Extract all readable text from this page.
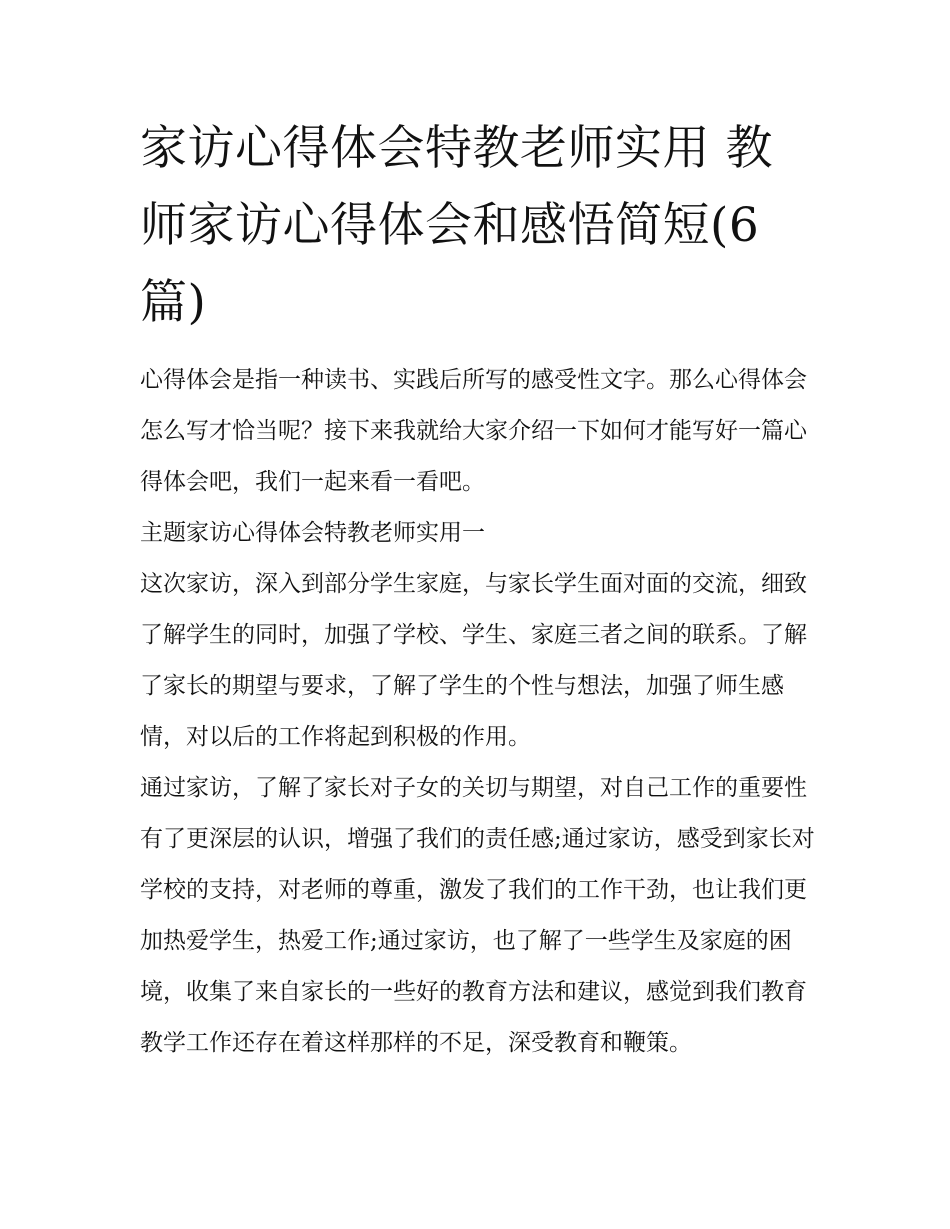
家访心得体会特教老师实用 教师家访心得体会和感悟简短(6篇)

心得体会是指一种读书、实践后所写的感受性文字。那么心得体会怎么写才恰当呢？接下来我就给大家介绍一下如何才能写好一篇心得体会吧，我们一起来看一看吧。

主题家访心得体会特教老师实用一

这次家访，深入到部分学生家庭，与家长学生面对面的交流，细致了解学生的同时，加强了学校、学生、家庭三者之间的联系。了解了家长的期望与要求，了解了学生的个性与想法，加强了师生感情，对以后的工作将起到积极的作用。

通过家访，了解了家长对子女的关切与期望，对自己工作的重要性有了更深层的认识，增强了我们的责任感;通过家访，感受到家长对学校的支持，对老师的尊重，激发了我们的工作干劲，也让我们更加热爱学生，热爱工作;通过家访，也了解了一些学生及家庭的困境，收集了来自家长的一些好的教育方法和建议，感觉到我们教育教学工作还存在着这样那样的不足，深受教育和鞭策。
